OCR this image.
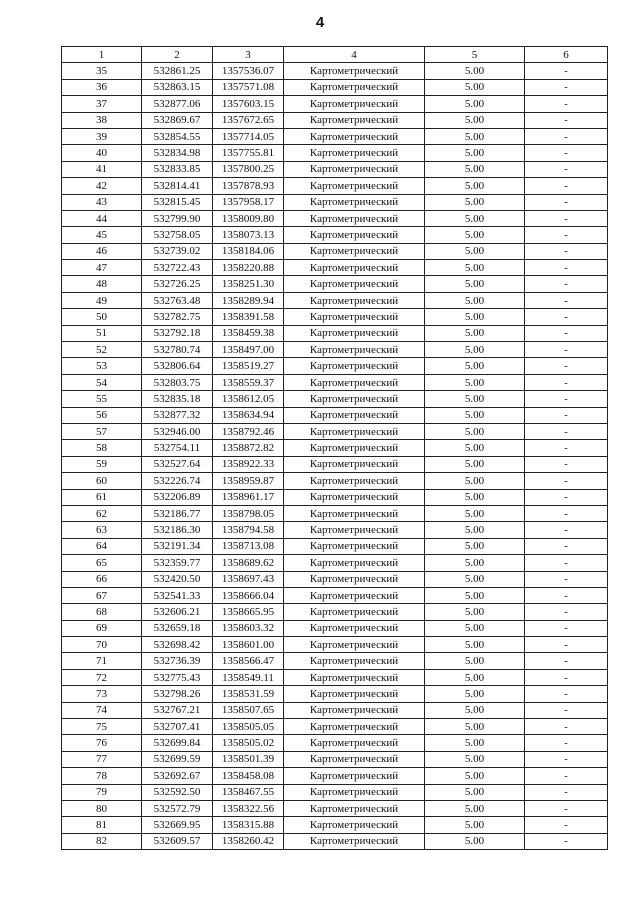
4
1	2	3	4	5	6
35	532861.25	1357536.07	Картометрический	5.00	-
36	532863.15	1357571.08	Картометрический	5.00	-
37	532877.06	1357603.15	Картометрический	5.00	-
38	532869.67	1357672.65	Картометрический	5.00	-
39	532854.55	1357714.05	Картометрический	5.00	-
40	532834.98	1357755.81	Картометрический	5.00	-
41	532833.85	1357800.25	Картометрический	5.00	-
42	532814.41	1357878.93	Картометрический	5.00	-
43	532815.45	1357958.17	Картометрический	5.00	-
44	532799.90	1358009.80	Картометрический	5.00	-
45	532758.05	1358073.13	Картометрический	5.00	-
46	532739.02	1358184.06	Картометрический	5.00	-
47	532722.43	1358220.88	Картометрический	5.00	-
48	532726.25	1358251.30	Картометрический	5.00	-
49	532763.48	1358289.94	Картометрический	5.00	-
50	532782.75	1358391.58	Картометрический	5.00	-
51	532792.18	1358459.38	Картометрический	5.00	-
52	532780.74	1358497.00	Картометрический	5.00	-
53	532806.64	1358519.27	Картометрический	5.00	-
54	532803.75	1358559.37	Картометрический	5.00	-
55	532835.18	1358612.05	Картометрический	5.00	-
56	532877.32	1358634.94	Картометрический	5.00	-
57	532946.00	1358792.46	Картометрический	5.00	-
58	532754.11	1358872.82	Картометрический	5.00	-
59	532527.64	1358922.33	Картометрический	5.00	-
60	532226.74	1358959.87	Картометрический	5.00	-
61	532206.89	1358961.17	Картометрический	5.00	-
62	532186.77	1358798.05	Картометрический	5.00	-
63	532186.30	1358794.58	Картометрический	5.00	-
64	532191.34	1358713.08	Картометрический	5.00	-
65	532359.77	1358689.62	Картометрический	5.00	-
66	532420.50	1358697.43	Картометрический	5.00	-
67	532541.33	1358666.04	Картометрический	5.00	-
68	532606.21	1358665.95	Картометрический	5.00	-
69	532659.18	1358603.32	Картометрический	5.00	-
70	532698.42	1358601.00	Картометрический	5.00	-
71	532736.39	1358566.47	Картометрический	5.00	-
72	532775.43	1358549.11	Картометрический	5.00	-
73	532798.26	1358531.59	Картометрический	5.00	-
74	532767.21	1358507.65	Картометрический	5.00	-
75	532707.41	1358505.05	Картометрический	5.00	-
76	532699.84	1358505.02	Картометрический	5.00	-
77	532699.59	1358501.39	Картометрический	5.00	-
78	532692.67	1358458.08	Картометрический	5.00	-
79	532592.50	1358467.55	Картометрический	5.00	-
80	532572.79	1358322.56	Картометрический	5.00	-
81	532669.95	1358315.88	Картометрический	5.00	-
82	532609.57	1358260.42	Картометрический	5.00	-
